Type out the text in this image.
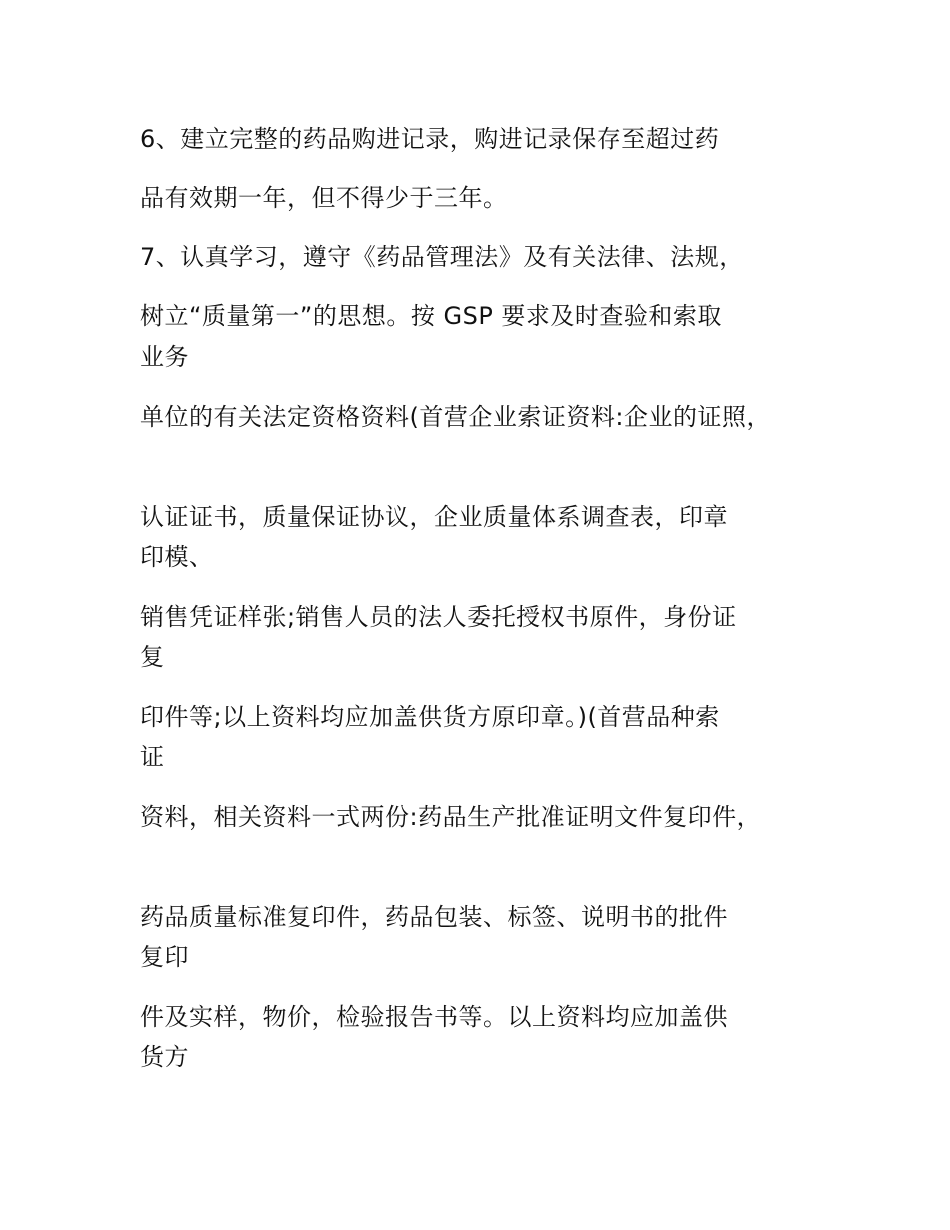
6、建立完整的药品购进记录，购进记录保存至超过药
品有效期一年，但不得少于三年。
7、认真学习，遵守《药品管理法》及有关法律、法规，
树立“质量第一”的思想。按 GSP 要求及时查验和索取
业务
单位的有关法定资格资料(首营企业索证资料:企业的证照，
认证证书，质量保证协议，企业质量体系调查表，印章
印模、
销售凭证样张;销售人员的法人委托授权书原件，身份证
复
印件等;以上资料均应加盖供货方原印章。)(首营品种索
证
资料，相关资料一式两份:药品生产批准证明文件复印件，
药品质量标准复印件，药品包装、标签、说明书的批件
复印
件及实样，物价，检验报告书等。以上资料均应加盖供
货方
